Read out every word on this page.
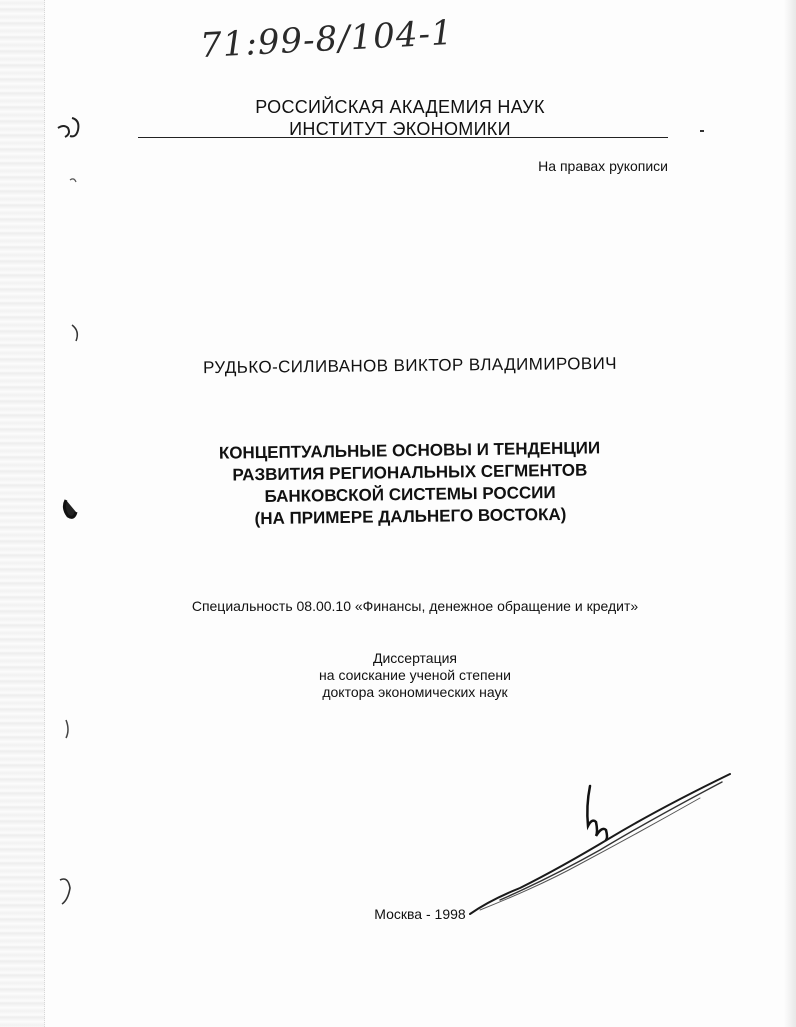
71:99-8/104-1
РОССИЙСКАЯ АКАДЕМИЯ НАУК
ИНСТИТУТ ЭКОНОМИКИ
На правах рукописи
РУДЬКО-СИЛИВАНОВ ВИКТОР ВЛАДИМИРОВИЧ
КОНЦЕПТУАЛЬНЫЕ ОСНОВЫ И ТЕНДЕНЦИИ
РАЗВИТИЯ РЕГИОНАЛЬНЫХ СЕГМЕНТОВ
БАНКОВСКОЙ СИСТЕМЫ РОССИИ
(НА ПРИМЕРЕ ДАЛЬНЕГО ВОСТОКА)
Специальность 08.00.10 «Финансы, денежное обращение и кредит»
Диссертация
на соискание ученой степени
доктора экономических наук
Москва - 1998
